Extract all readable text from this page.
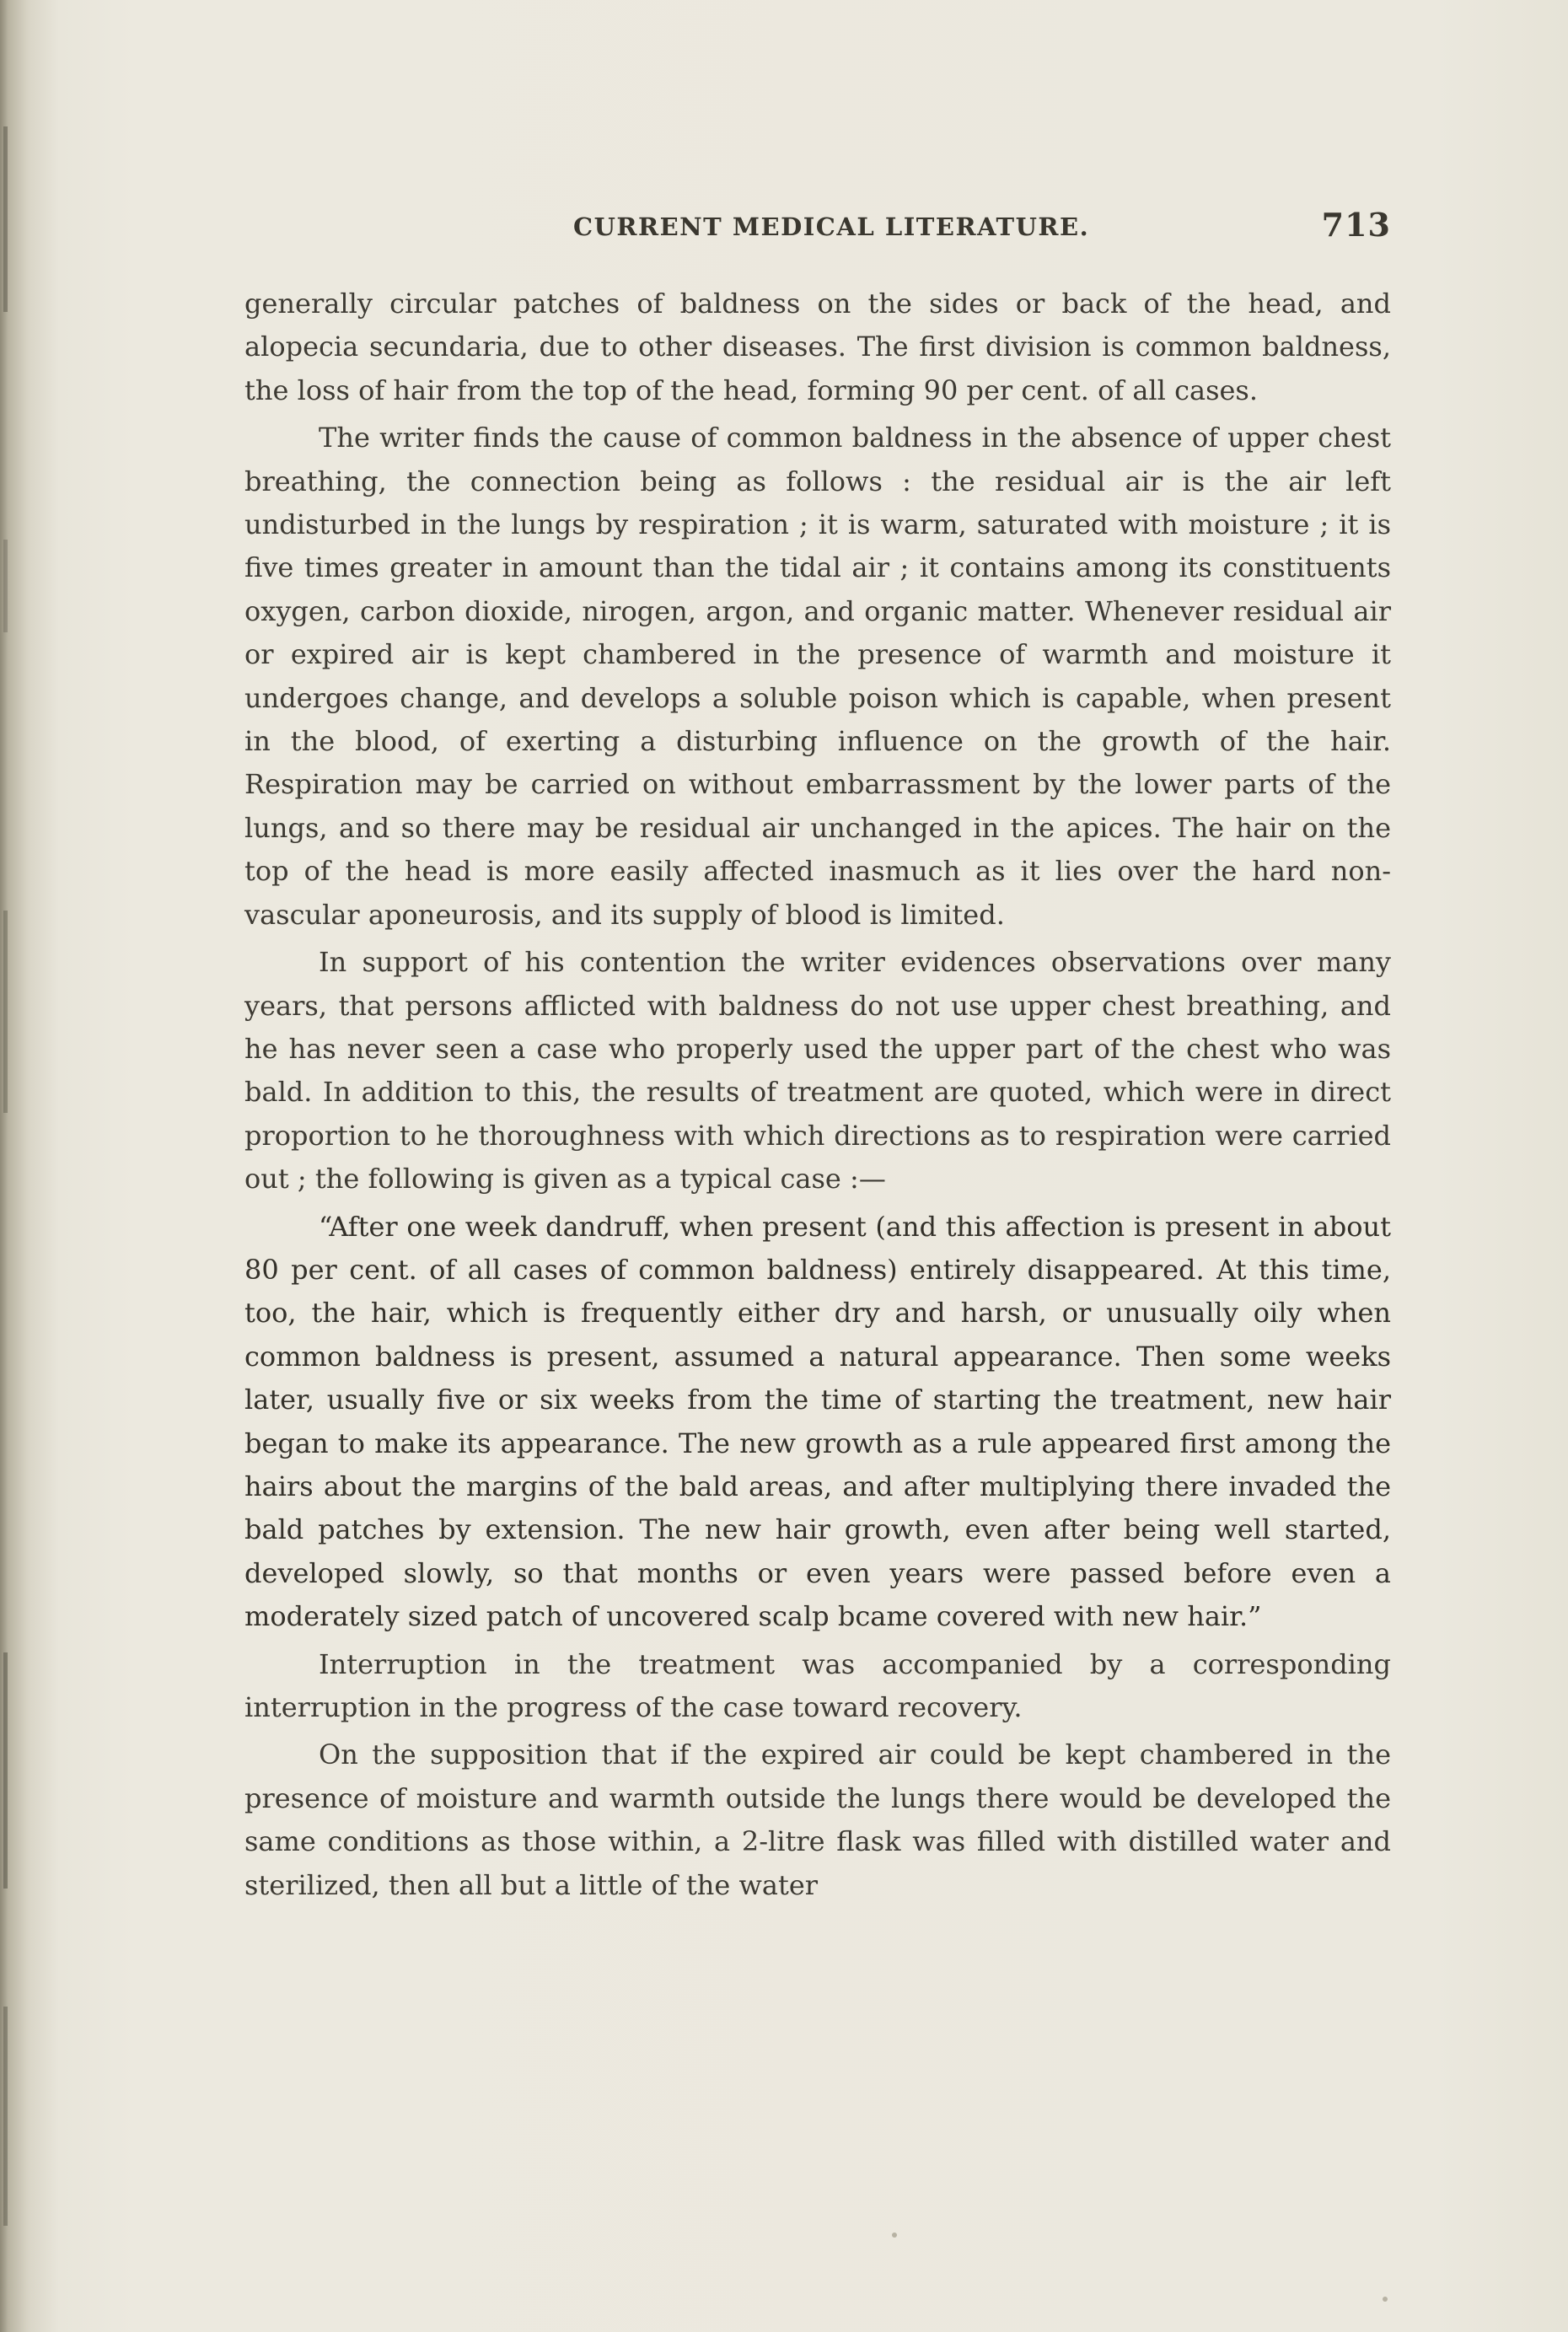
CURRENT MEDICAL LITERATURE.	713

generally circular patches of baldness on the sides or back of the head, and alopecia secundaria, due to other diseases. The first division is common baldness, the loss of hair from the top of the head, forming 90 per cent. of all cases.

The writer finds the cause of common baldness in the absence of upper chest breathing, the connection being as follows : the residual air is the air left undisturbed in the lungs by respiration ; it is warm, saturated with moisture ; it is five times greater in amount than the tidal air ; it contains among its constituents oxygen, carbon dioxide, nirogen, argon, and organic matter. Whenever residual air or expired air is kept chambered in the presence of warmth and moisture it undergoes change, and develops a soluble poison which is capable, when present in the blood, of exerting a disturbing influence on the growth of the hair. Respiration may be carried on without embarrassment by the lower parts of the lungs, and so there may be residual air unchanged in the apices. The hair on the top of the head is more easily affected inasmuch as it lies over the hard non-vascular aponeurosis, and its supply of blood is limited.

In support of his contention the writer evidences observations over many years, that persons afflicted with baldness do not use upper chest breathing, and he has never seen a case who properly used the upper part of the chest who was bald. In addition to this, the results of treatment are quoted, which were in direct proportion to he thoroughness with which directions as to respiration were carried out ; the following is given as a typical case :—

“After one week dandruff, when present (and this affection is present in about 80 per cent. of all cases of common baldness) entirely disappeared. At this time, too, the hair, which is frequently either dry and harsh, or unusually oily when common baldness is present, assumed a natural appearance. Then some weeks later, usually five or six weeks from the time of starting the treatment, new hair began to make its appearance. The new growth as a rule appeared first among the hairs about the margins of the bald areas, and after multiplying there invaded the bald patches by extension. The new hair growth, even after being well started, developed slowly, so that months or even years were passed before even a moderately sized patch of uncovered scalp bcame covered with new hair.”

Interruption in the treatment was accompanied by a corresponding interruption in the progress of the case toward recovery.

On the supposition that if the expired air could be kept chambered in the presence of moisture and warmth outside the lungs there would be developed the same conditions as those within, a 2-litre flask was filled with distilled water and sterilized, then all but a little of the water
